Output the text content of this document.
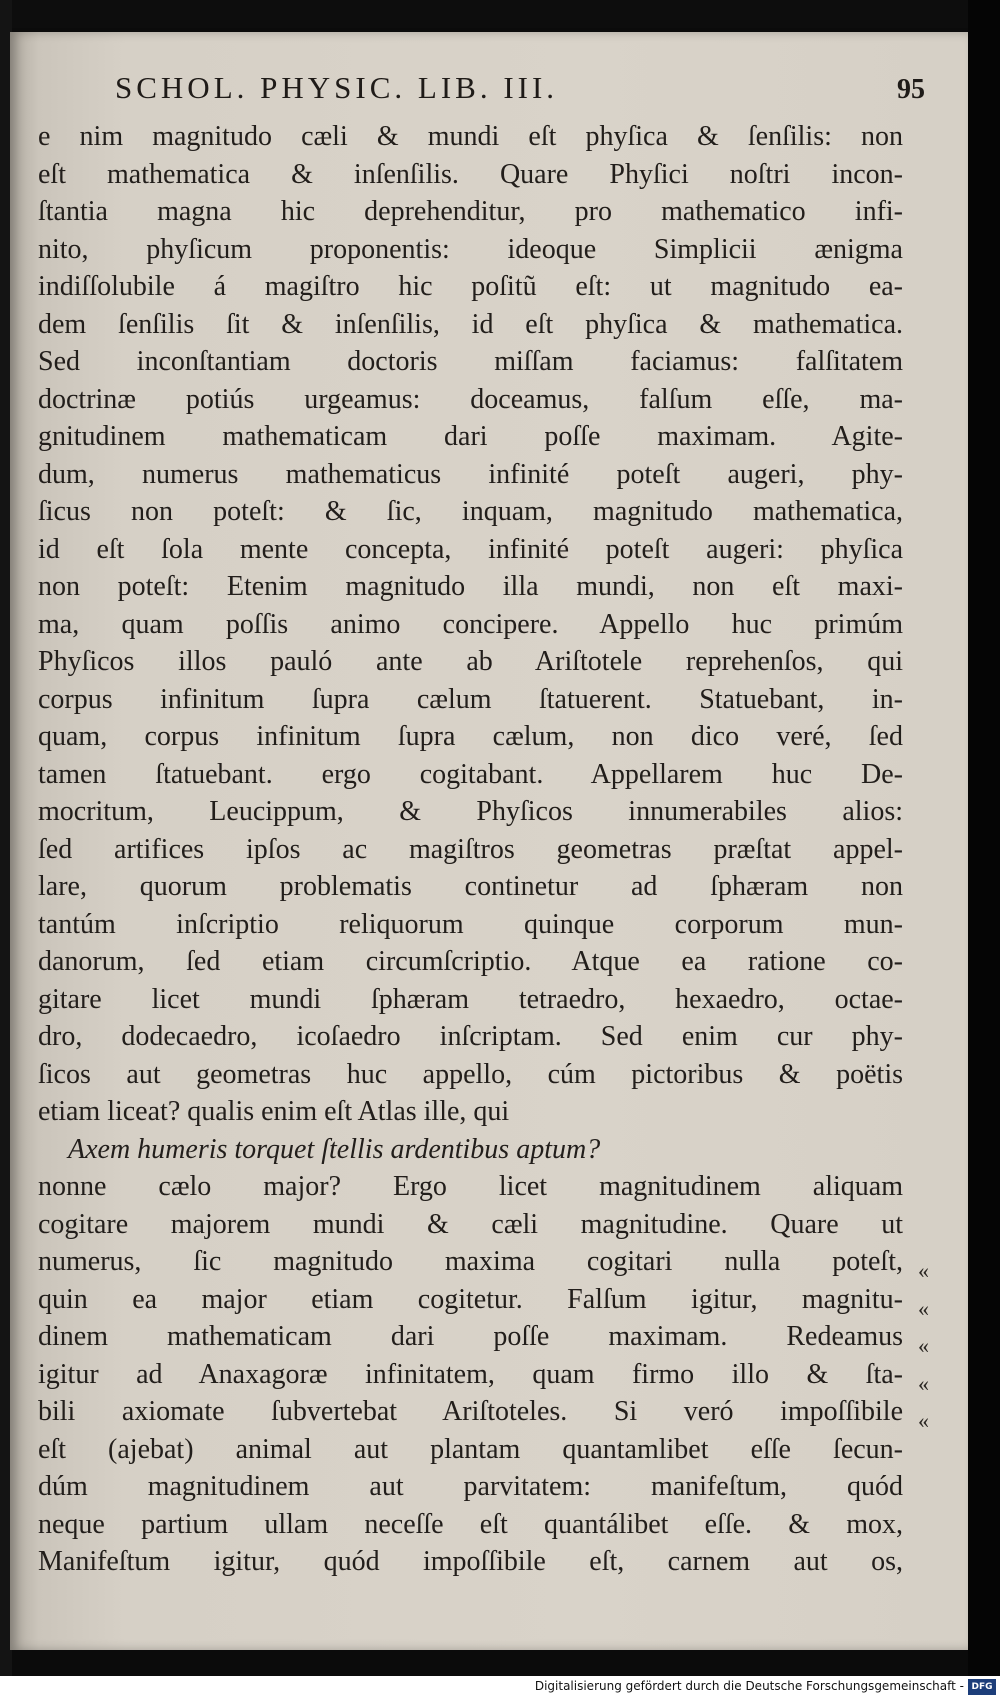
SCHOL. PHYSIC. LIB. III.	95
e nim magnitudo cæli & mundi eſt phyſica & ſenſilis: non
eſt mathematica & inſenſilis. Quare Phyſici noſtri incon-
ſtantia magna hic deprehenditur, pro mathematico infi-
nito, phyſicum proponentis: ideoque Simplicii ænigma
indiſſolubile á magiſtro hic poſitũ eſt: ut magnitudo ea-
dem ſenſilis ſit & inſenſilis, id eſt phyſica & mathematica.
Sed inconſtantiam doctoris miſſam faciamus: falſitatem
doctrinæ potiús urgeamus: doceamus, falſum eſſe, ma-
gnitudinem mathematicam dari poſſe maximam. Agite-
dum, numerus mathematicus infinité poteſt augeri, phy-
ſicus non poteſt: & ſic, inquam, magnitudo mathematica,
id eſt ſola mente concepta, infinité poteſt augeri: phyſica
non poteſt: Etenim magnitudo illa mundi, non eſt maxi-
ma, quam poſſis animo concipere. Appello huc primúm
Phyſicos illos pauló ante ab Ariſtotele reprehenſos, qui
corpus infinitum ſupra cælum ſtatuerent. Statuebant, in-
quam, corpus infinitum ſupra cælum, non dico veré, ſed
tamen ſtatuebant. ergo cogitabant. Appellarem huc De-
mocritum, Leucippum, & Phyſicos innumerabiles alios:
ſed artifices ipſos ac magiſtros geometras præſtat appel-
lare, quorum problematis continetur ad ſphæram non
tantúm inſcriptio reliquorum quinque corporum mun-
danorum, ſed etiam circumſcriptio. Atque ea ratione co-
gitare licet mundi ſphæram tetraedro, hexaedro, octae-
dro, dodecaedro, icoſaedro inſcriptam. Sed enim cur phy-
ſicos aut geometras huc appello, cúm pictoribus & poëtis
etiam liceat? qualis enim eſt Atlas ille, qui
Axem humeris torquet ſtellis ardentibus aptum?
nonne cælo major? Ergo licet magnitudinem aliquam
cogitare majorem mundi & cæli magnitudine. Quare ut
numerus, ſic magnitudo maxima cogitari nulla poteſt,
quin ea major etiam cogitetur. Falſum igitur, magnitu-
dinem mathematicam dari poſſe maximam. Redeamus
igitur ad Anaxagoræ infinitatem, quam firmo illo & ſta-
bili axiomate ſubvertebat Ariſtoteles. Si veró impoſſibile
eſt (ajebat) animal aut plantam quantamlibet eſſe ſecun-
dúm magnitudinem aut parvitatem: manifeſtum, quód
neque partium ullam neceſſe eſt quantálibet eſſe. & mox,
Manifeſtum igitur, quód impoſſibile eſt, carnem aut os,
«
«
«
«
«
Digitalisierung gefördert durch die Deutsche Forschungsgemeinschaft - DFG
